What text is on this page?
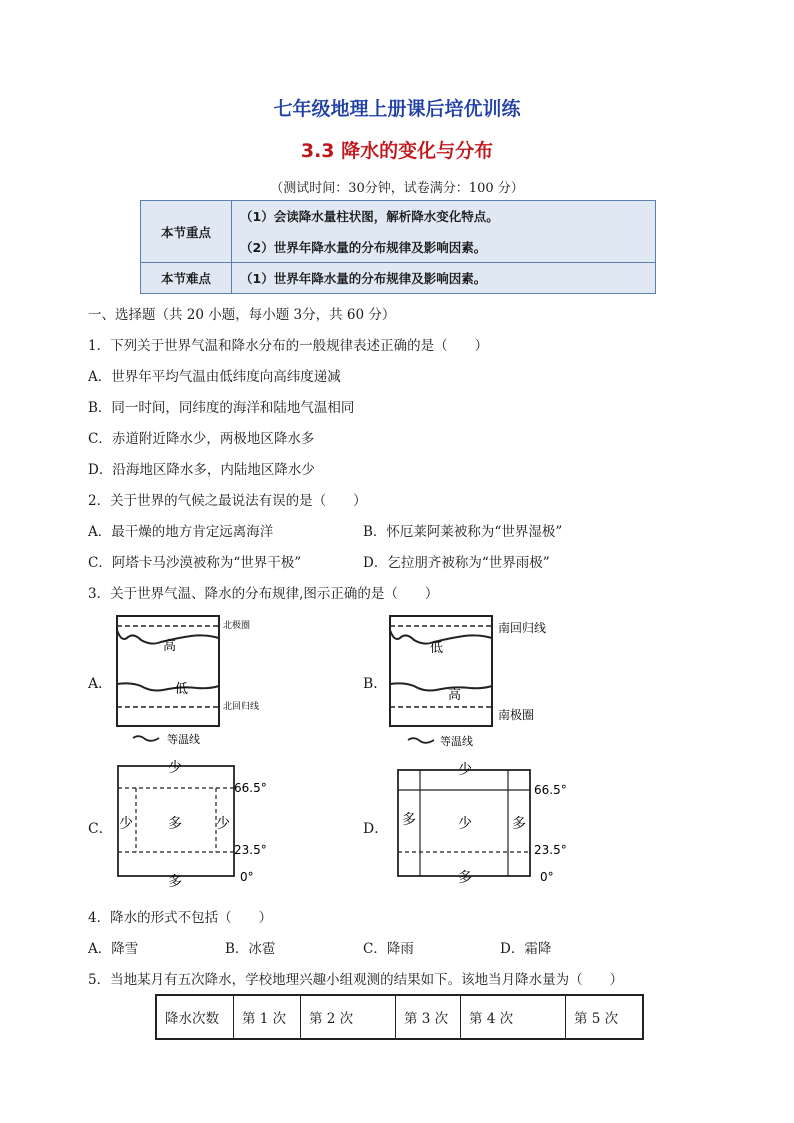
七年级地理上册课后培优训练
3.3 降水的变化与分布
（测试时间：30分钟，试卷满分：100 分）
本节重点	（1）会读降水量柱状图，解析降水变化特点。
	（2）世界年降水量的分布规律及影响因素。
本节难点	（1）世界年降水量的分布规律及影响因素。
一、选择题（共 20 小题，每小题 3分，共 60 分）
1．下列关于世界气温和降水分布的一般规律表述正确的是（　　）
A．世界年平均气温由低纬度向高纬度递减
B．同一时间，同纬度的海洋和陆地气温相同
C．赤道附近降水少，两极地区降水多
D．沿海地区降水多，内陆地区降水少
2．关于世界的气候之最说法有误的是（　　）
A．最干燥的地方肯定远离海洋	B．怀厄莱阿莱被称为“世界湿极”
C．阿塔卡马沙漠被称为“世界干极”	D．乞拉朋齐被称为“世界雨极”
3．关于世界气温、降水的分布规律,图示正确的是（　　）
A．
高
低
北极圈
北回归线
等温线
B．
低
高
南回归线
南极圈
等温线
C．
少
少	多 少
多
66.5°
23.5°
0°
D．
少
多	少	多
多
66.5°
23.5°
0°
4．降水的形式不包括（　　）
A．降雪	B．冰雹	C．降雨	D．霜降
5．当地某月有五次降水，学校地理兴趣小组观测的结果如下。该地当月降水量为（　　）
降水次数	第 1 次	第 2 次	第 3 次	第 4 次	第 5 次
